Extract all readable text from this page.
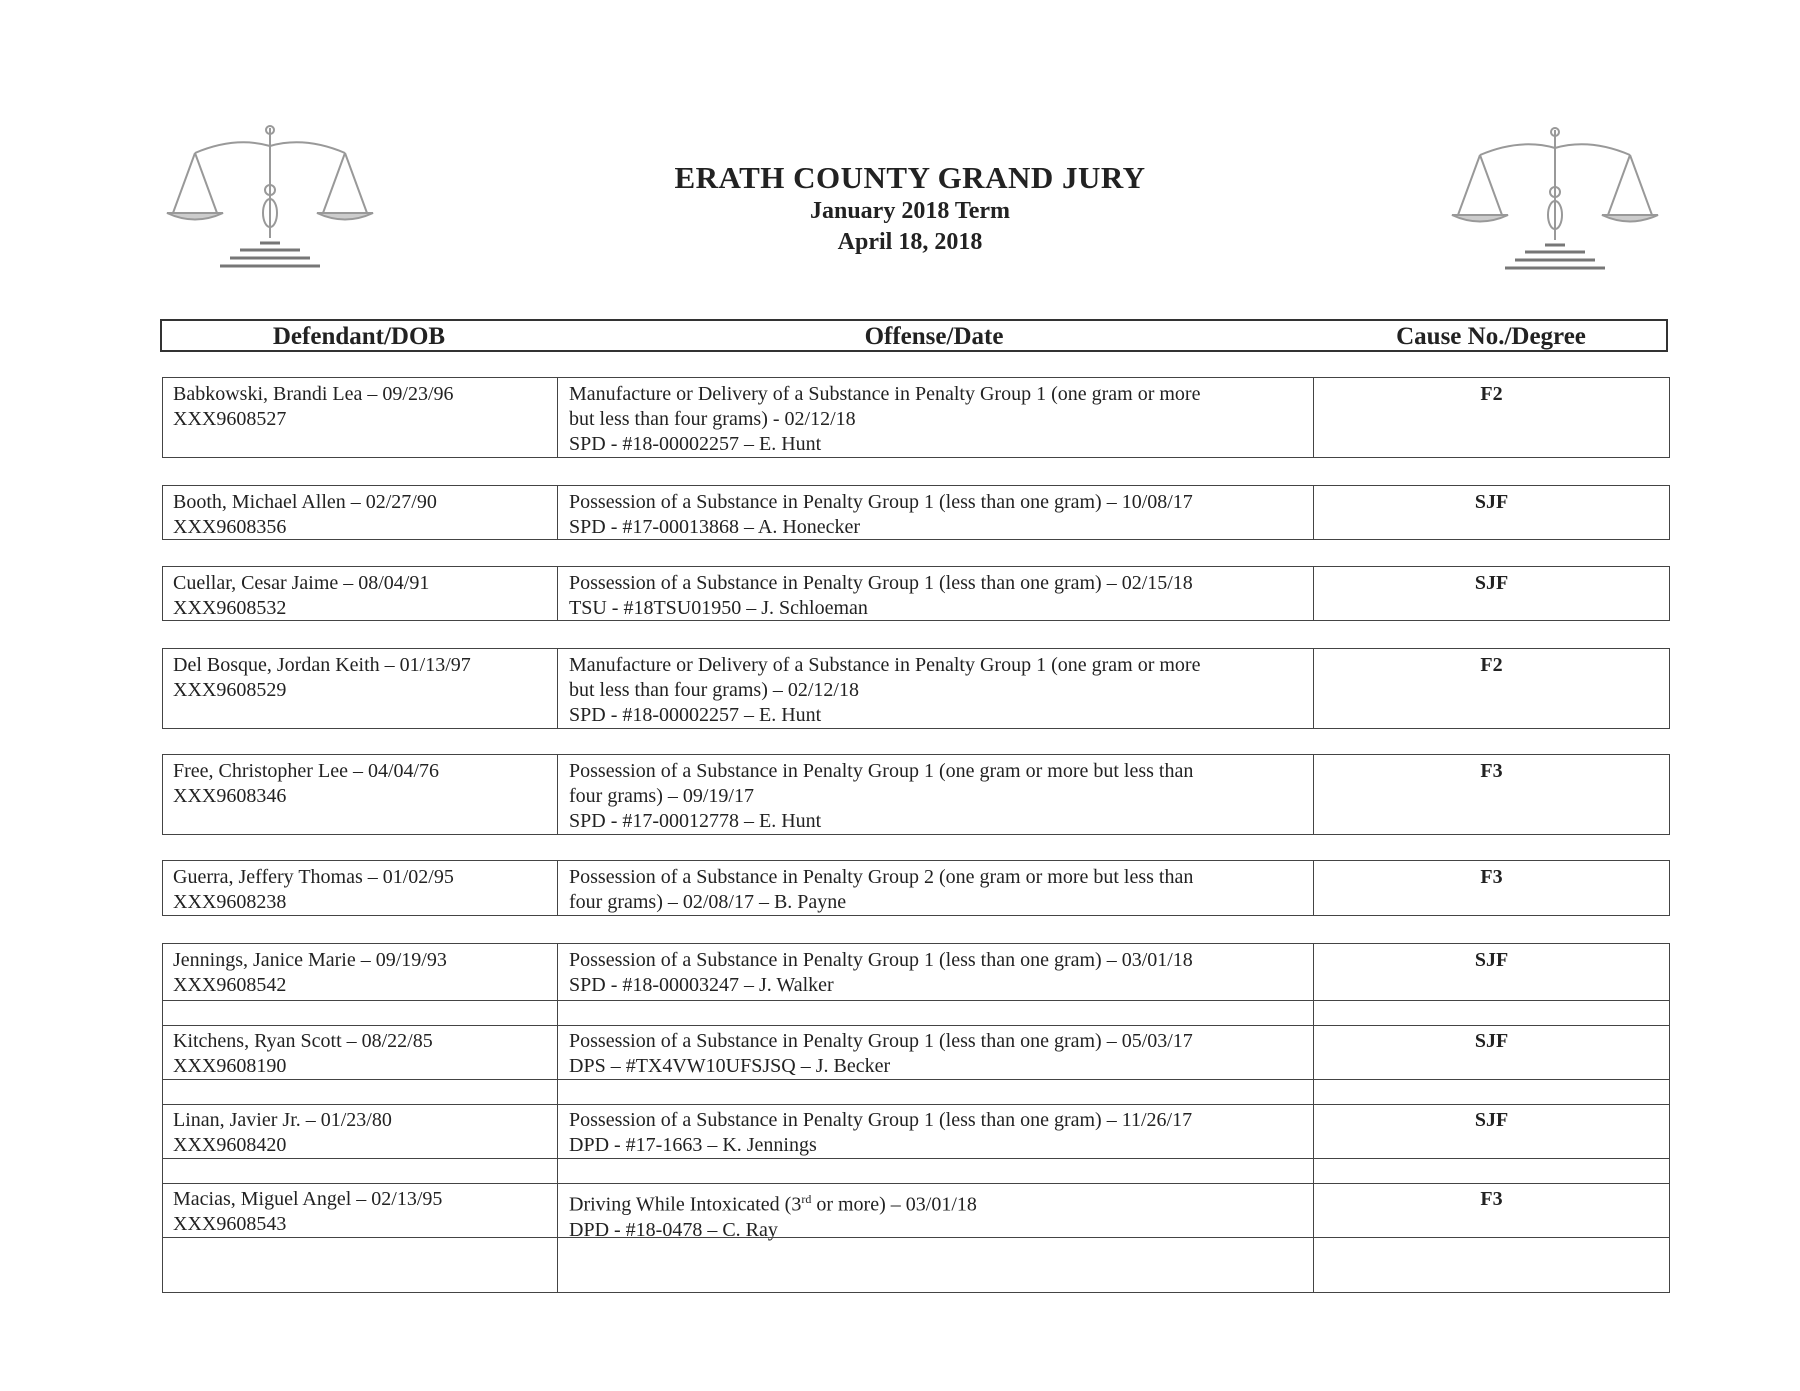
ERATH COUNTY GRAND JURY
January 2018 Term
April 18, 2018
Defendant/DOB	Offense/Date	Cause No./Degree
Babkowski, Brandi Lea – 09/23/96
XXX9608527
Manufacture or Delivery of a Substance in Penalty Group 1 (one gram or more
but less than four grams) - 02/12/18
SPD - #18-00002257 – E. Hunt
F2
Booth, Michael Allen – 02/27/90
XXX9608356
Possession of a Substance in Penalty Group 1 (less than one gram) – 10/08/17
SPD - #17-00013868 – A. Honecker
SJF
Cuellar, Cesar Jaime – 08/04/91
XXX9608532
Possession of a Substance in Penalty Group 1 (less than one gram) – 02/15/18
TSU - #18TSU01950 – J. Schloeman
SJF
Del Bosque, Jordan Keith – 01/13/97
XXX9608529
Manufacture or Delivery of a Substance in Penalty Group 1 (one gram or more
but less than four grams) – 02/12/18
SPD - #18-00002257 – E. Hunt
F2
Free, Christopher Lee – 04/04/76
XXX9608346
Possession of a Substance in Penalty Group 1 (one gram or more but less than
four grams) – 09/19/17
SPD - #17-00012778 – E. Hunt
F3
Guerra, Jeffery Thomas – 01/02/95
XXX9608238
Possession of a Substance in Penalty Group 2 (one gram or more but less than
four grams) – 02/08/17 – B. Payne
F3
Jennings, Janice Marie – 09/19/93
XXX9608542
Possession of a Substance in Penalty Group 1 (less than one gram) – 03/01/18
SPD - #18-00003247 – J. Walker
SJF
Kitchens, Ryan Scott – 08/22/85
XXX9608190
Possession of a Substance in Penalty Group 1 (less than one gram) – 05/03/17
DPS – #TX4VW10UFSJSQ – J. Becker
SJF
Linan, Javier Jr. – 01/23/80
XXX9608420
Possession of a Substance in Penalty Group 1 (less than one gram) – 11/26/17
DPD - #17-1663 – K. Jennings
SJF
Macias, Miguel Angel – 02/13/95
XXX9608543
Driving While Intoxicated (3rd or more) – 03/01/18
DPD - #18-0478 – C. Ray
F3
